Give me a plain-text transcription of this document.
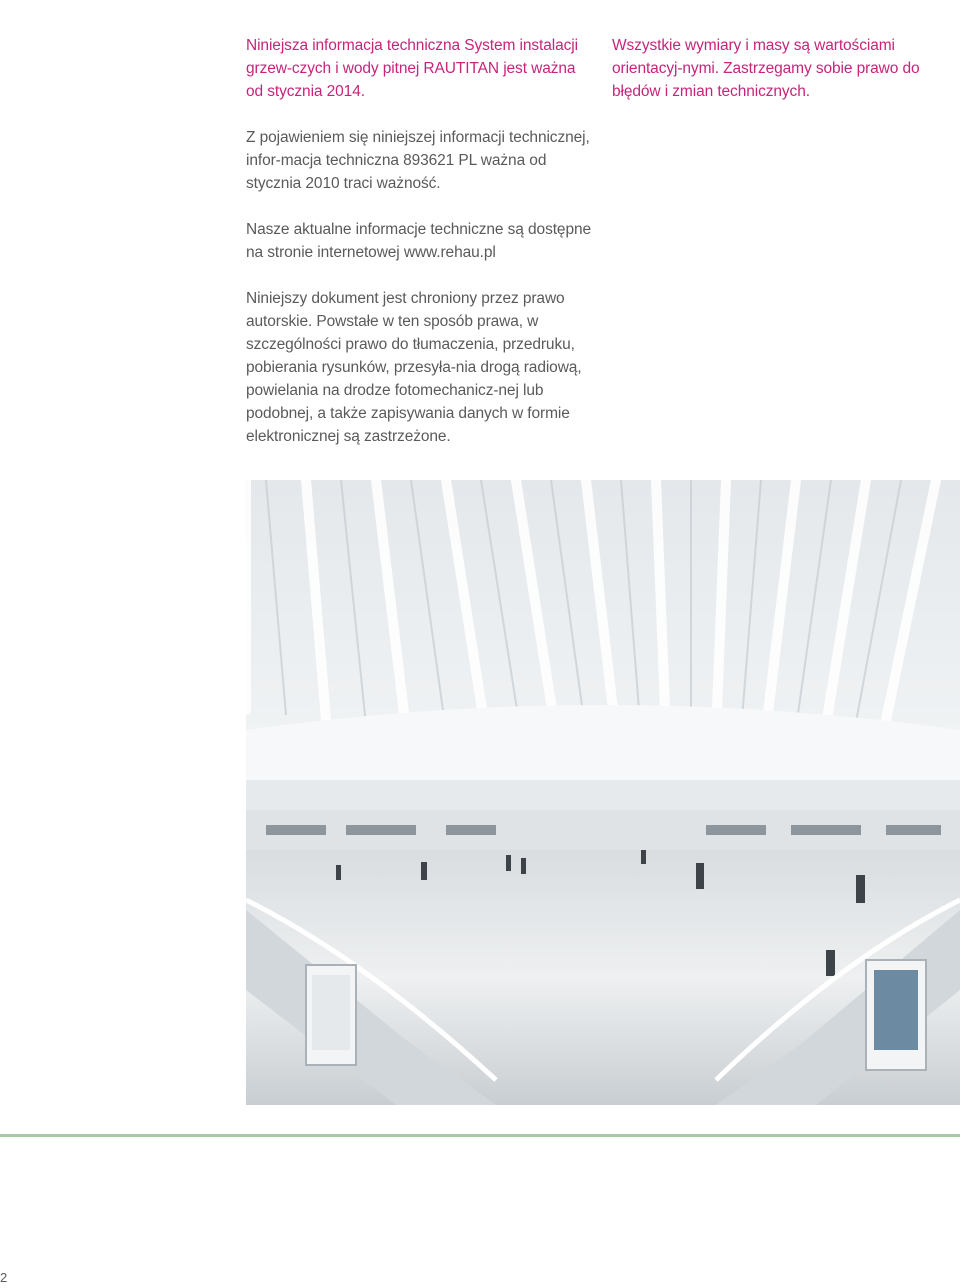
Niniejsza informacja techniczna System instalacji grzew-czych i wody pitnej RAUTITAN jest ważna od stycznia 2014.

Wszystkie wymiary i masy są wartościami orientacyj-nymi. Zastrzegamy sobie prawo do błędów i zmian technicznych.

Z pojawieniem się niniejszej informacji technicznej, infor-macja techniczna 893621 PL ważna od stycznia 2010 traci ważność.

Nasze aktualne informacje techniczne są dostępne na stronie internetowej www.rehau.pl

Niniejszy dokument jest chroniony przez prawo autorskie. Powstałe w ten sposób prawa, w szczególności prawo do tłumaczenia, przedruku, pobierania rysunków, przesyła-nia drogą radiową, powielania na drodze fotomechanicz-nej lub podobnej, a także zapisywania danych w formie elektronicznej są zastrzeżone.

2
